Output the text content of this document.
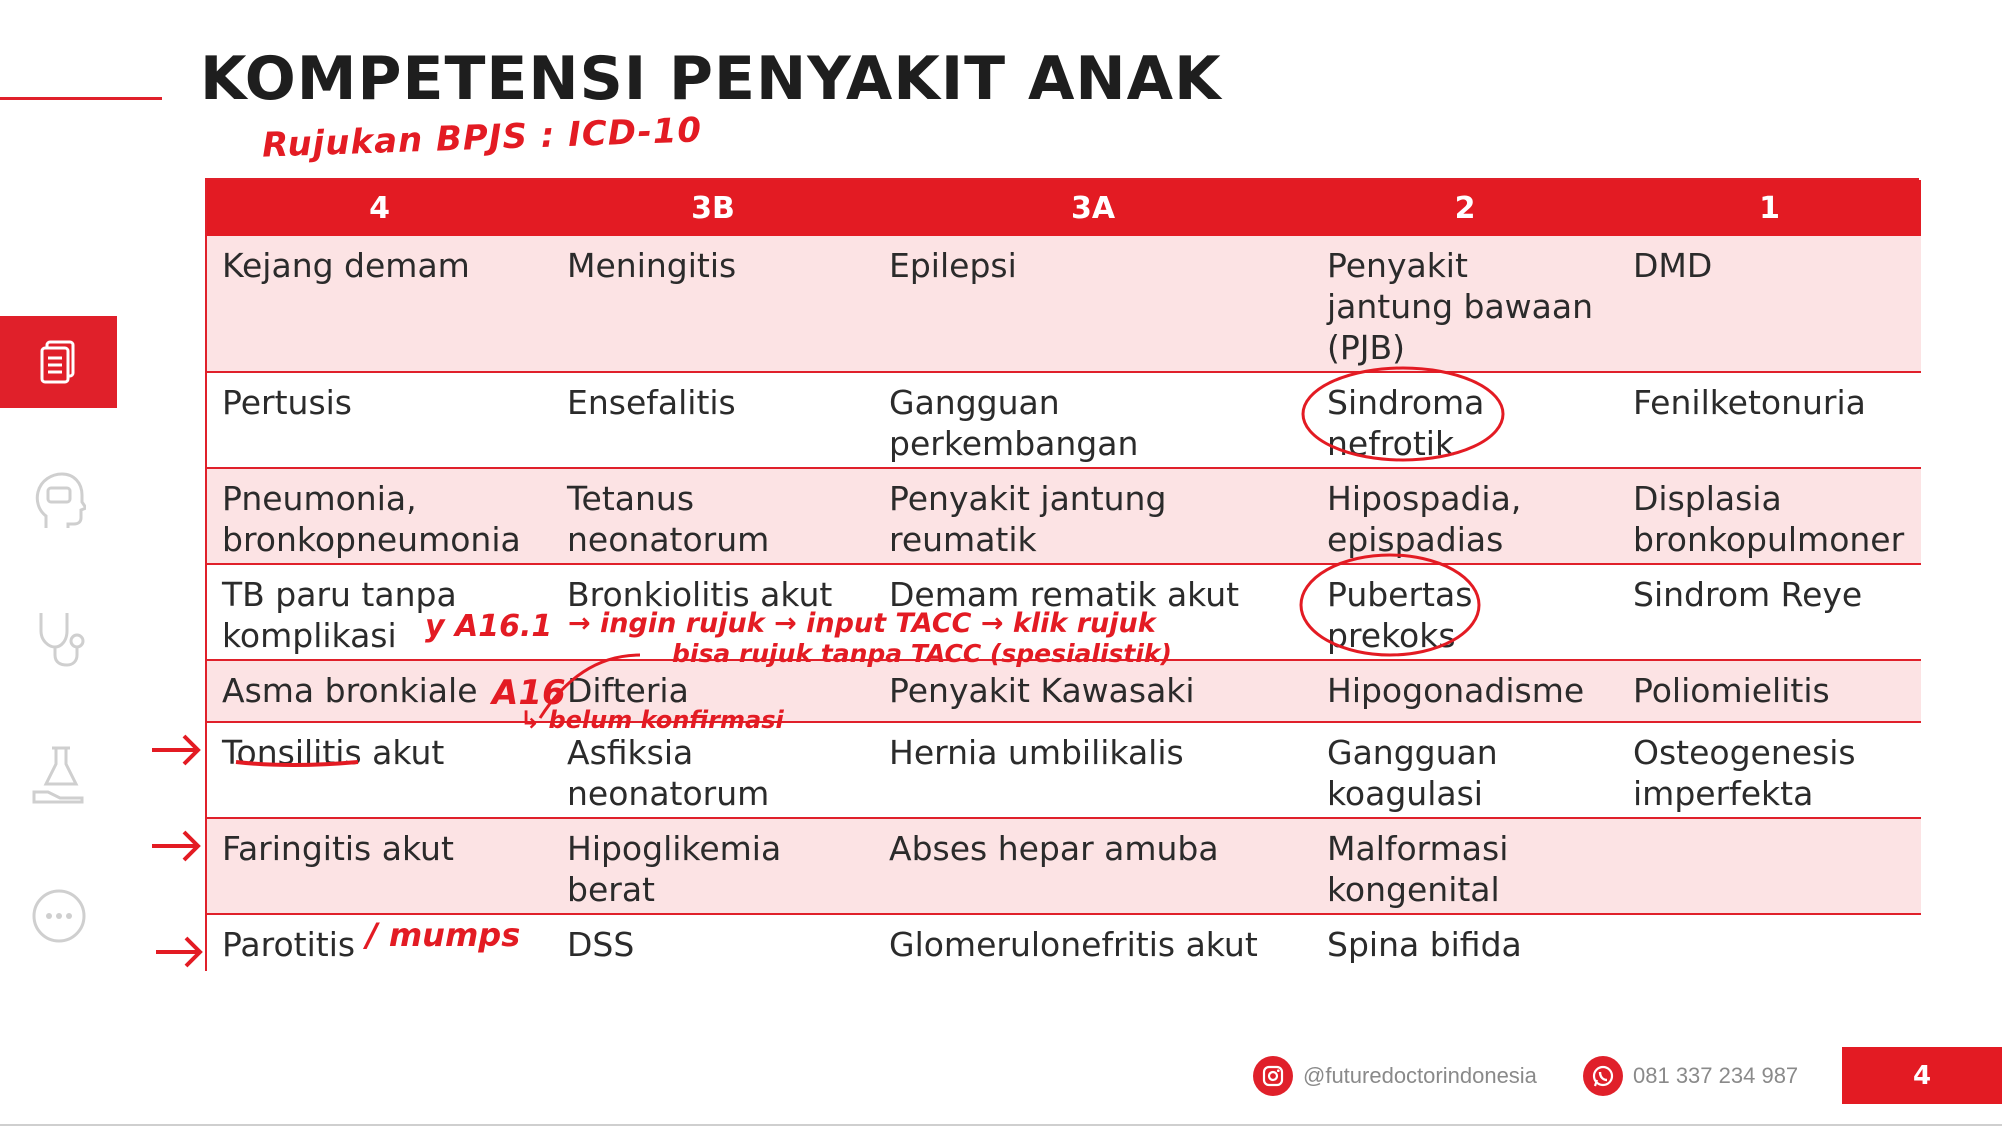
KOMPETENSI PENYAKIT ANAK
Rujukan BPJS : ICD-10
4	3B	3A	2	1
Kejang demam	Meningitis	Epilepsi	Penyakit jantung bawaan (PJB)	DMD
Pertusis	Ensefalitis	Gangguan perkembangan	Sindroma nefrotik	Fenilketonuria
Pneumonia, bronkopneumonia	Tetanus neonatorum	Penyakit jantung reumatik	Hipospadia, epispadias	Displasia bronkopulmoner
TB paru tanpa komplikasi	Bronkiolitis akut	Demam rematik akut	Pubertas prekoks	Sindrom Reye
Asma bronkiale	Difteria	Penyakit Kawasaki	Hipogonadisme	Poliomielitis
Tonsilitis akut	Asfiksia neonatorum	Hernia umbilikalis	Gangguan koagulasi	Osteogenesis imperfekta
Faringitis akut	Hipoglikemia berat	Abses hepar amuba	Malformasi kongenital	
Parotitis	DSS	Glomerulonefritis akut	Spina bifida	
y A16.1 → ingin rujuk → input TACC → klik rujuk
bisa rujuk tanpa TACC (spesialistik)
A16
↳ belum konfirmasi
/ mumps
@futuredoctorindonesia	081 337 234 987	4
